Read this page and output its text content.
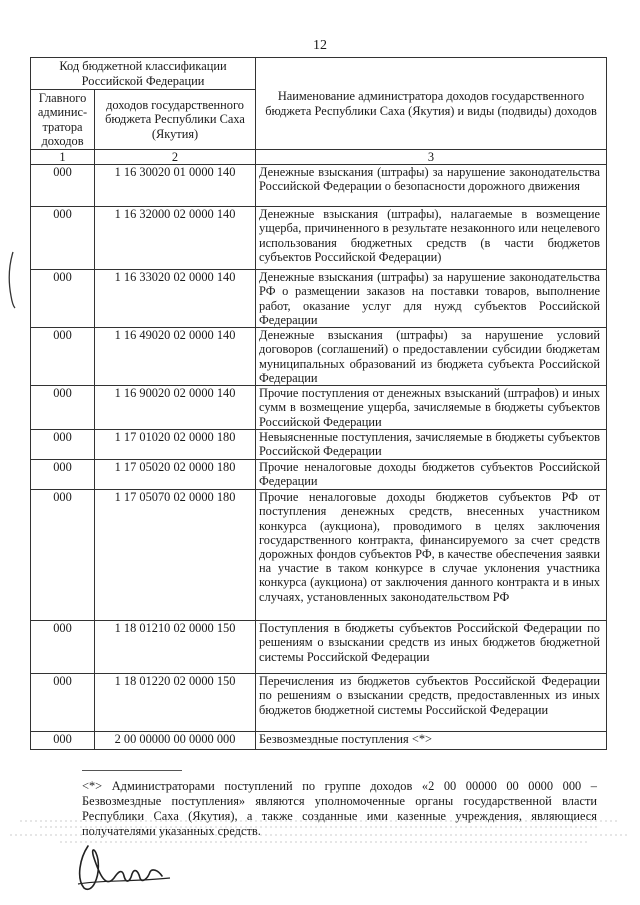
12
Код бюджетной классификации Российской Федерации		Наименование администратора доходов государственного бюджета Республики Саха (Якутия) и виды (подвиды) доходов
Главного админис-тратора доходов	доходов государственного бюджета Республики Саха (Якутия)	
1	2	3
000	1 16 30020 01 0000 140	Денежные взыскания (штрафы) за нарушение законодательства Российской Федерации о безопасности дорожного движения
000	1 16 32000 02 0000 140	Денежные взыскания (штрафы), налагаемые в возмещение ущерба, причиненного в результате незаконного или нецелевого использования бюджетных средств (в части бюджетов субъектов Российской Федерации)
000	1 16 33020 02 0000 140	Денежные взыскания (штрафы) за нарушение законодательства РФ о размещении заказов на поставки товаров, выполнение работ, оказание услуг для нужд субъектов Российской Федерации
000	1 16 49020 02 0000 140	Денежные взыскания (штрафы) за нарушение условий договоров (соглашений) о предоставлении субсидии бюджетам муниципальных образований из бюджета субъекта Российской Федерации
000	1 16 90020 02 0000 140	Прочие поступления от денежных взысканий (штрафов) и иных сумм в возмещение ущерба, зачисляемые в бюджеты субъектов Российской Федерации
000	1 17 01020 02 0000 180	Невыясненные поступления, зачисляемые в бюджеты субъектов Российской Федерации
000	1 17 05020 02 0000 180	Прочие неналоговые доходы бюджетов субъектов Российской Федерации
000	1 17 05070 02 0000 180	Прочие неналоговые доходы бюджетов субъектов РФ от поступления денежных средств, внесенных участником конкурса (аукциона), проводимого в целях заключения государственного контракта, финансируемого за счет средств дорожных фондов субъектов РФ, в качестве обеспечения заявки на участие в таком конкурсе в случае уклонения участника конкурса (аукциона) от заключения данного контракта и в иных случаях, установленных законодательством РФ
000	1 18 01210 02 0000 150	Поступления в бюджеты субъектов Российской Федерации по решениям о взыскании средств из иных бюджетов бюджетной системы Российской Федерации
000	1 18 01220 02 0000 150	Перечисления из бюджетов субъектов Российской Федерации по решениям о взыскании средств, предоставленных из иных бюджетов бюджетной системы Российской Федерации
000	2 00 00000 00 0000 000	Безвозмездные поступления <*>
<*> Администраторами поступлений по группе доходов «2 00 00000 00 0000 000 – Безвозмездные поступления» являются уполномоченные органы государственной власти Республики Саха (Якутия), а также созданные ими казенные учреждения, являющиеся получателями указанных средств.
